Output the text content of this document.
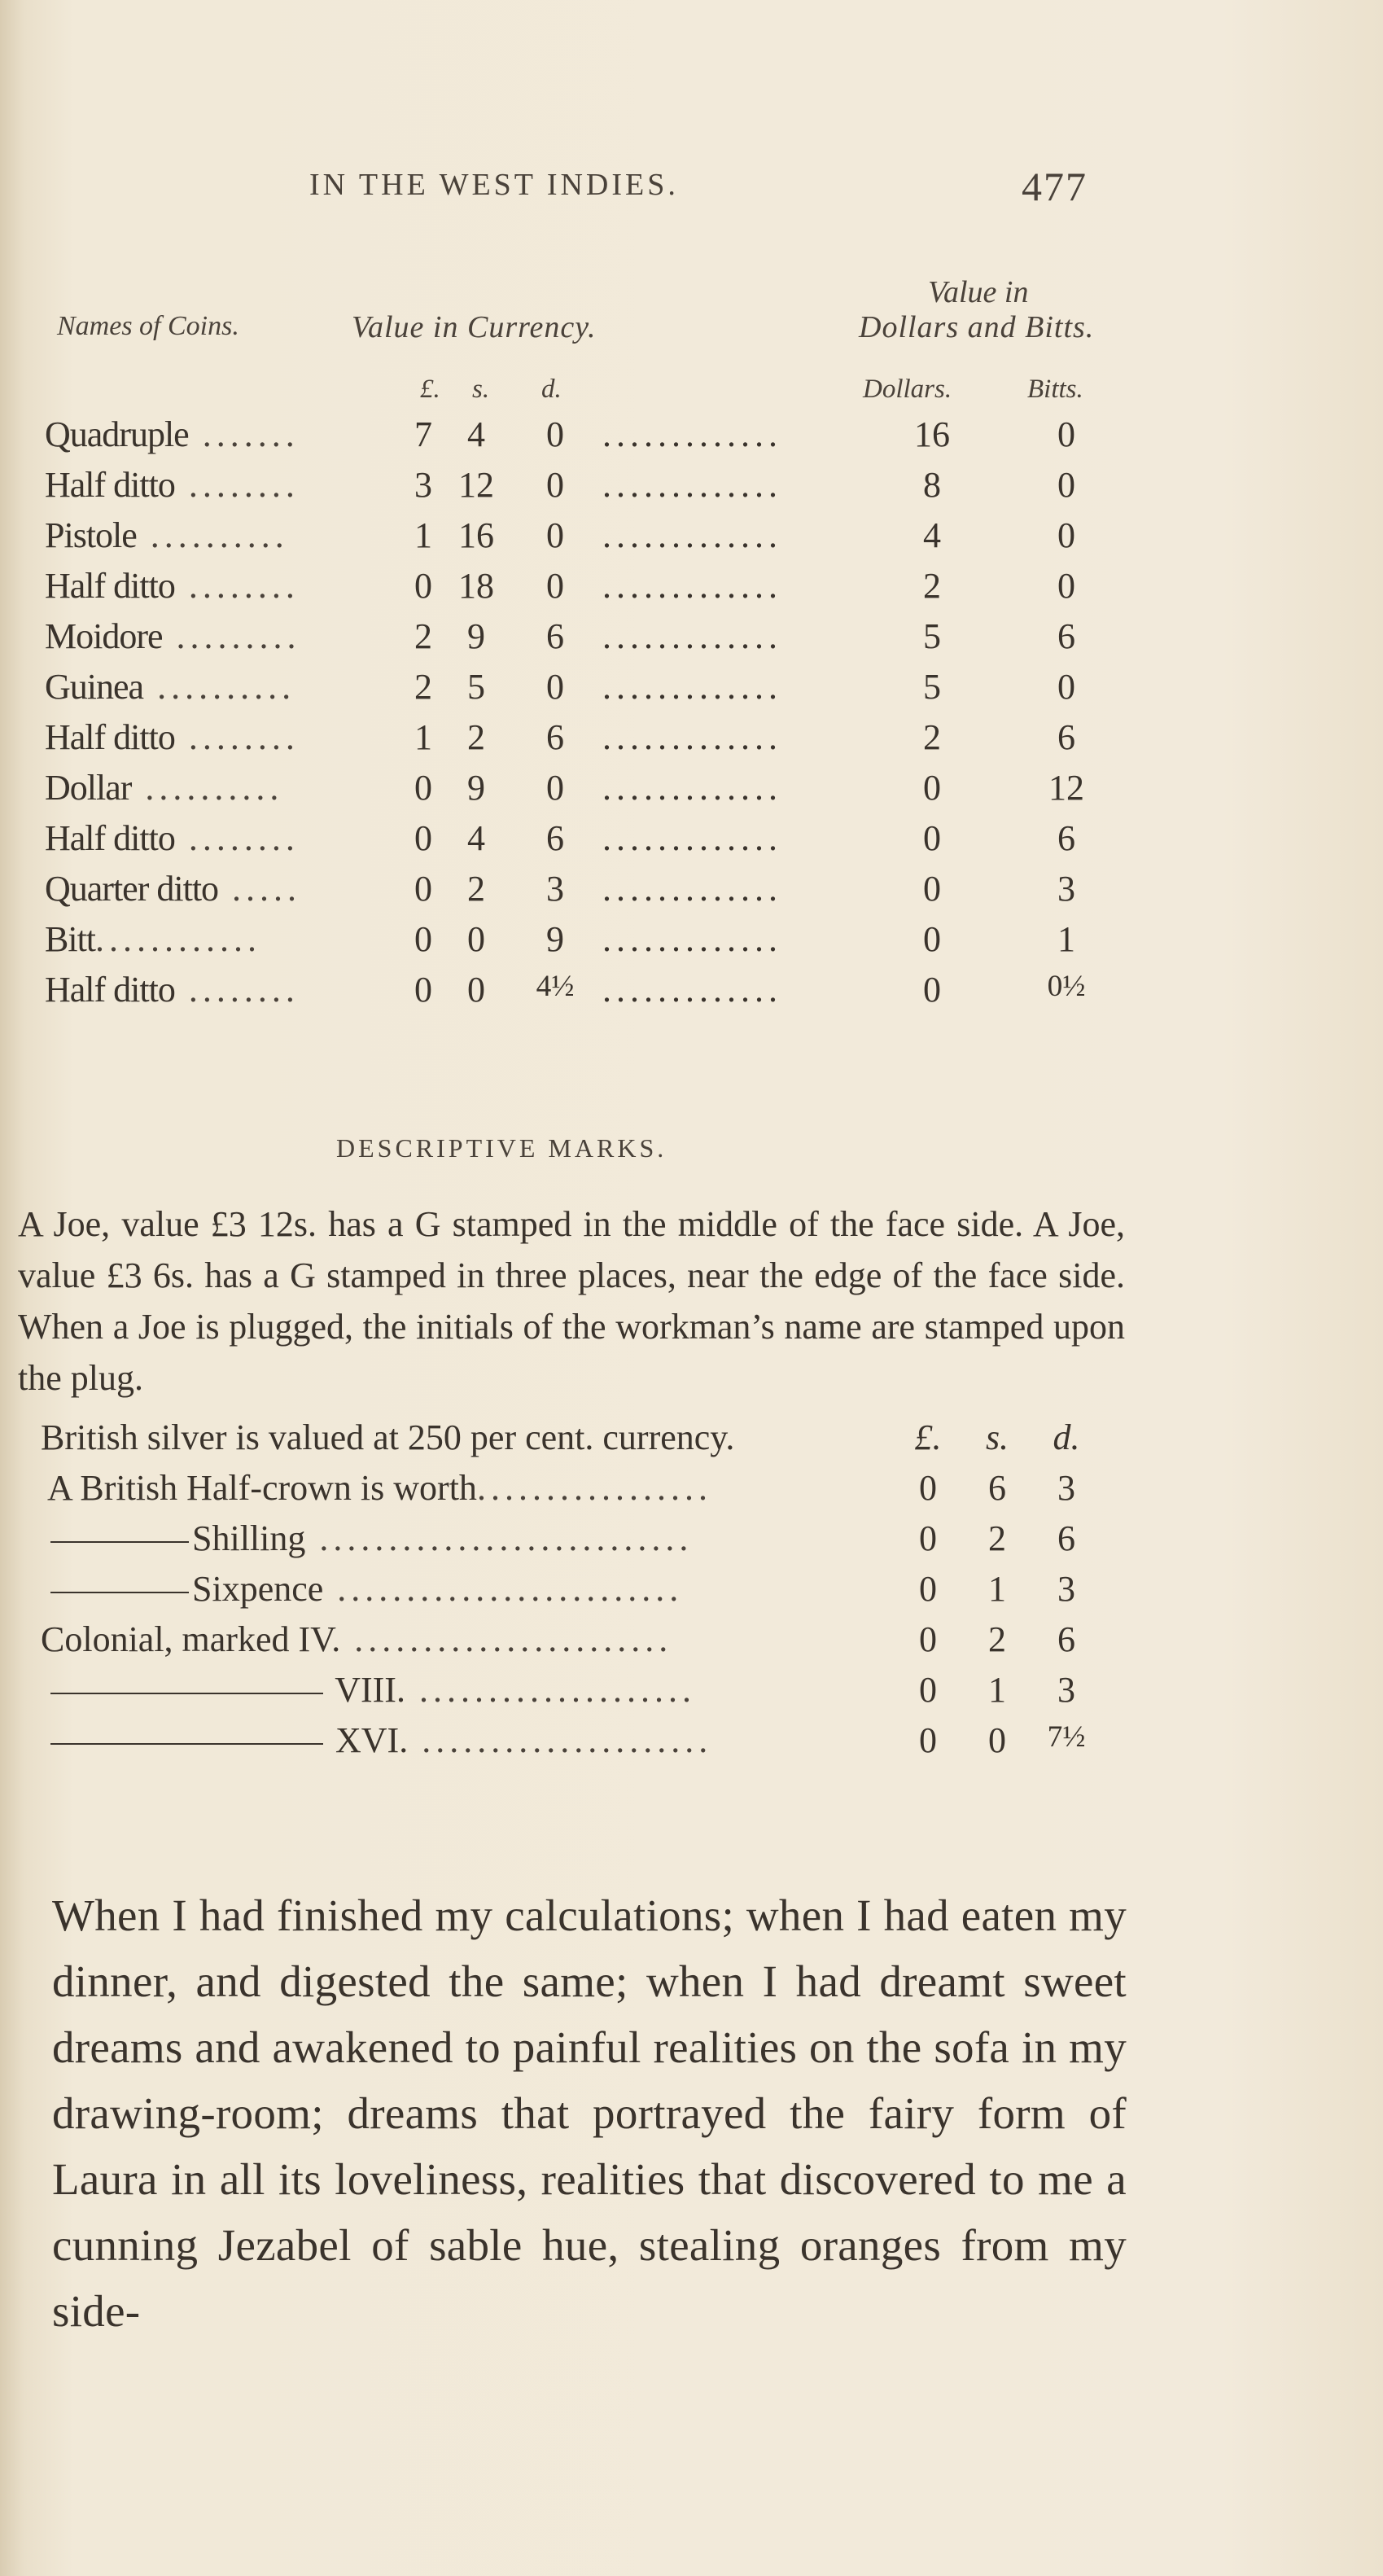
IN THE WEST INDIES.	477
Names of Coins.	Value in Currency.
Value in
Dollars and Bitts.
£. s. d.	Dollars.	Bitts.
Quadruple .......	7 4	0	.............	16	0
Half ditto ........	3 12	0	.............	8	0
Pistole ..........	1 16	0	.............	4	0
Half ditto ........	0 18	0	.............	2	0
Moidore .........	2 9	6	.............	5	6
Guinea ..........	2 5	0	.............	5	0
Half ditto ........	1 2	6	.............	2	6
Dollar ..........	0 9	0	.............	0	12
Half ditto ........	0 4	6	.............	0	6
Quarter ditto .....	0 2	3	.............	0	3
Bitt............	0 0	9	.............	0	1
Half ditto ........	0 0	4½ .............	0	0½
DESCRIPTIVE MARKS.

A Joe, value £3 12s. has a G stamped in the middle of the face side. A Joe, value £3 6s. has a G stamped in three places, near the edge of the face side. When a Joe is plugged, the initials of the workman’s name are stamped upon the plug.

British silver is valued at 250 per cent. currency.	£.	s.	d.
A British Half-crown is worth.................	0	6	3
Shilling ...........................	0	2	6
Sixpence .........................	0	1	3
Colonial, marked IV. .......................	0	2	6
VIII. ....................	0	1	3
XVI. .....................	0	0	7½

When I had finished my calculations; when I had eaten my dinner, and digested the same; when I had dreamt sweet dreams and awakened to painful realities on the sofa in my drawing-room; dreams that portrayed the fairy form of Laura in all its loveliness, realities that discovered to me a cunning Jezabel of sable hue, stealing oranges from my side-
